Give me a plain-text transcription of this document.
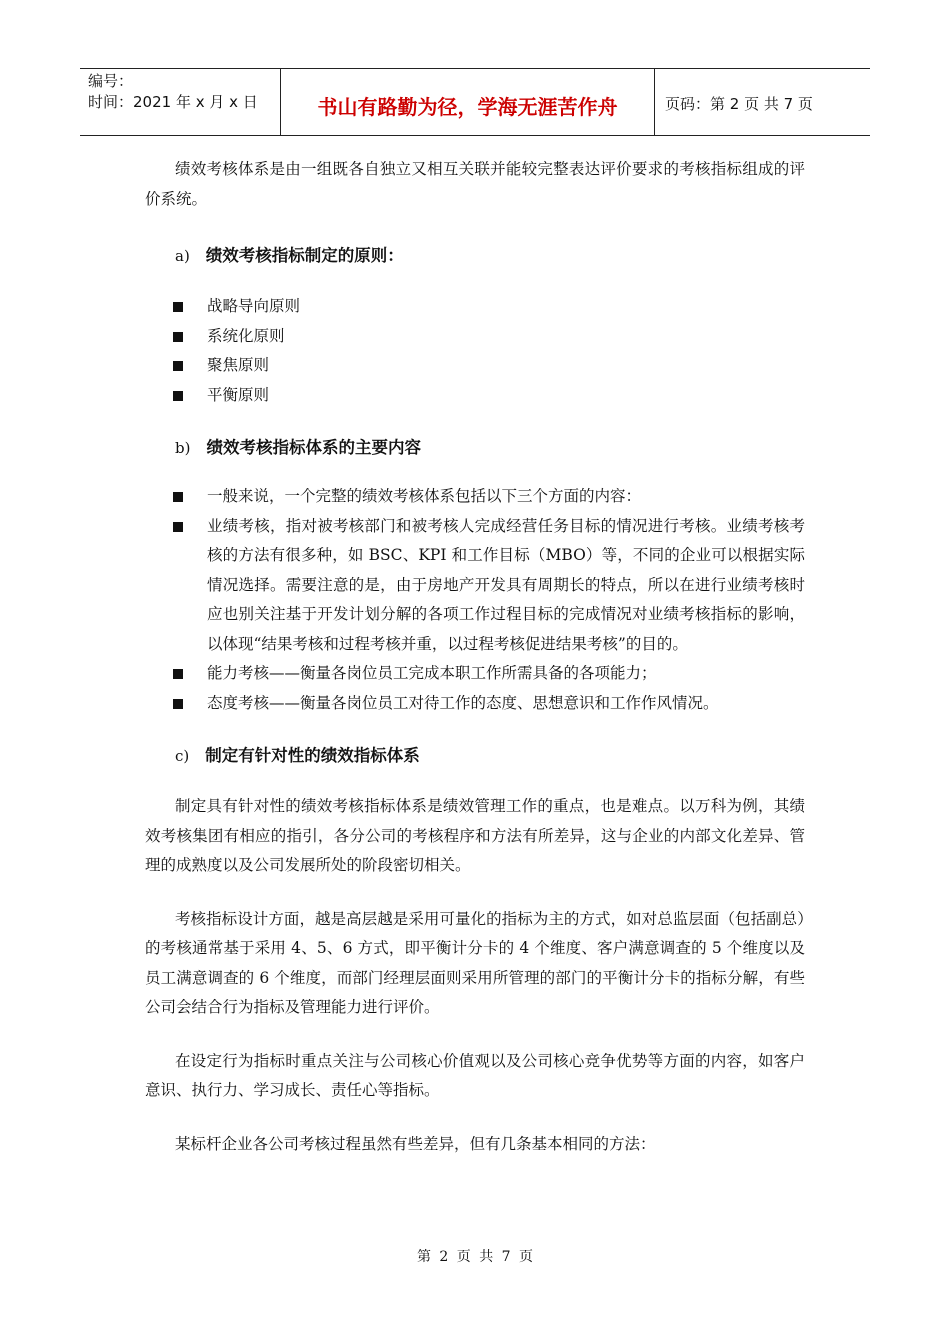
编号：
时间：2021 年 x 月 x 日	书山有路勤为径，学海无涯苦作舟	页码：第 2 页 共 7 页

绩效考核体系是由一组既各自独立又相互关联并能较完整表达评价要求的考核指标组成的评价系统。

a) 绩效考核指标制定的原则：
战略导向原则
系统化原则
聚焦原则
平衡原则
b) 绩效考核指标体系的主要内容
一般来说，一个完整的绩效考核体系包括以下三个方面的内容：
业绩考核，指对被考核部门和被考核人完成经营任务目标的情况进行考核。业绩考核考核的方法有很多种，如 BSC、KPI 和工作目标（MBO）等，不同的企业可以根据实际情况选择。需要注意的是，由于房地产开发具有周期长的特点，所以在进行业绩考核时应也别关注基于开发计划分解的各项工作过程目标的完成情况对业绩考核指标的影响，以体现“结果考核和过程考核并重，以过程考核促进结果考核”的目的。
能力考核——衡量各岗位员工完成本职工作所需具备的各项能力；
态度考核——衡量各岗位员工对待工作的态度、思想意识和工作作风情况。
c) 制定有针对性的绩效指标体系

制定具有针对性的绩效考核指标体系是绩效管理工作的重点，也是难点。以万科为例，其绩效考核集团有相应的指引，各分公司的考核程序和方法有所差异，这与企业的内部文化差异、管理的成熟度以及公司发展所处的阶段密切相关。

考核指标设计方面，越是高层越是采用可量化的指标为主的方式，如对总监层面（包括副总）的考核通常基于采用 4、5、6 方式，即平衡计分卡的 4 个维度、客户满意调查的 5 个维度以及员工满意调查的 6 个维度，而部门经理层面则采用所管理的部门的平衡计分卡的指标分解，有些公司会结合行为指标及管理能力进行评价。

在设定行为指标时重点关注与公司核心价值观以及公司核心竞争优势等方面的内容，如客户意识、执行力、学习成长、责任心等指标。

某标杆企业各公司考核过程虽然有些差异，但有几条基本相同的方法：

第 2 页 共 7 页
